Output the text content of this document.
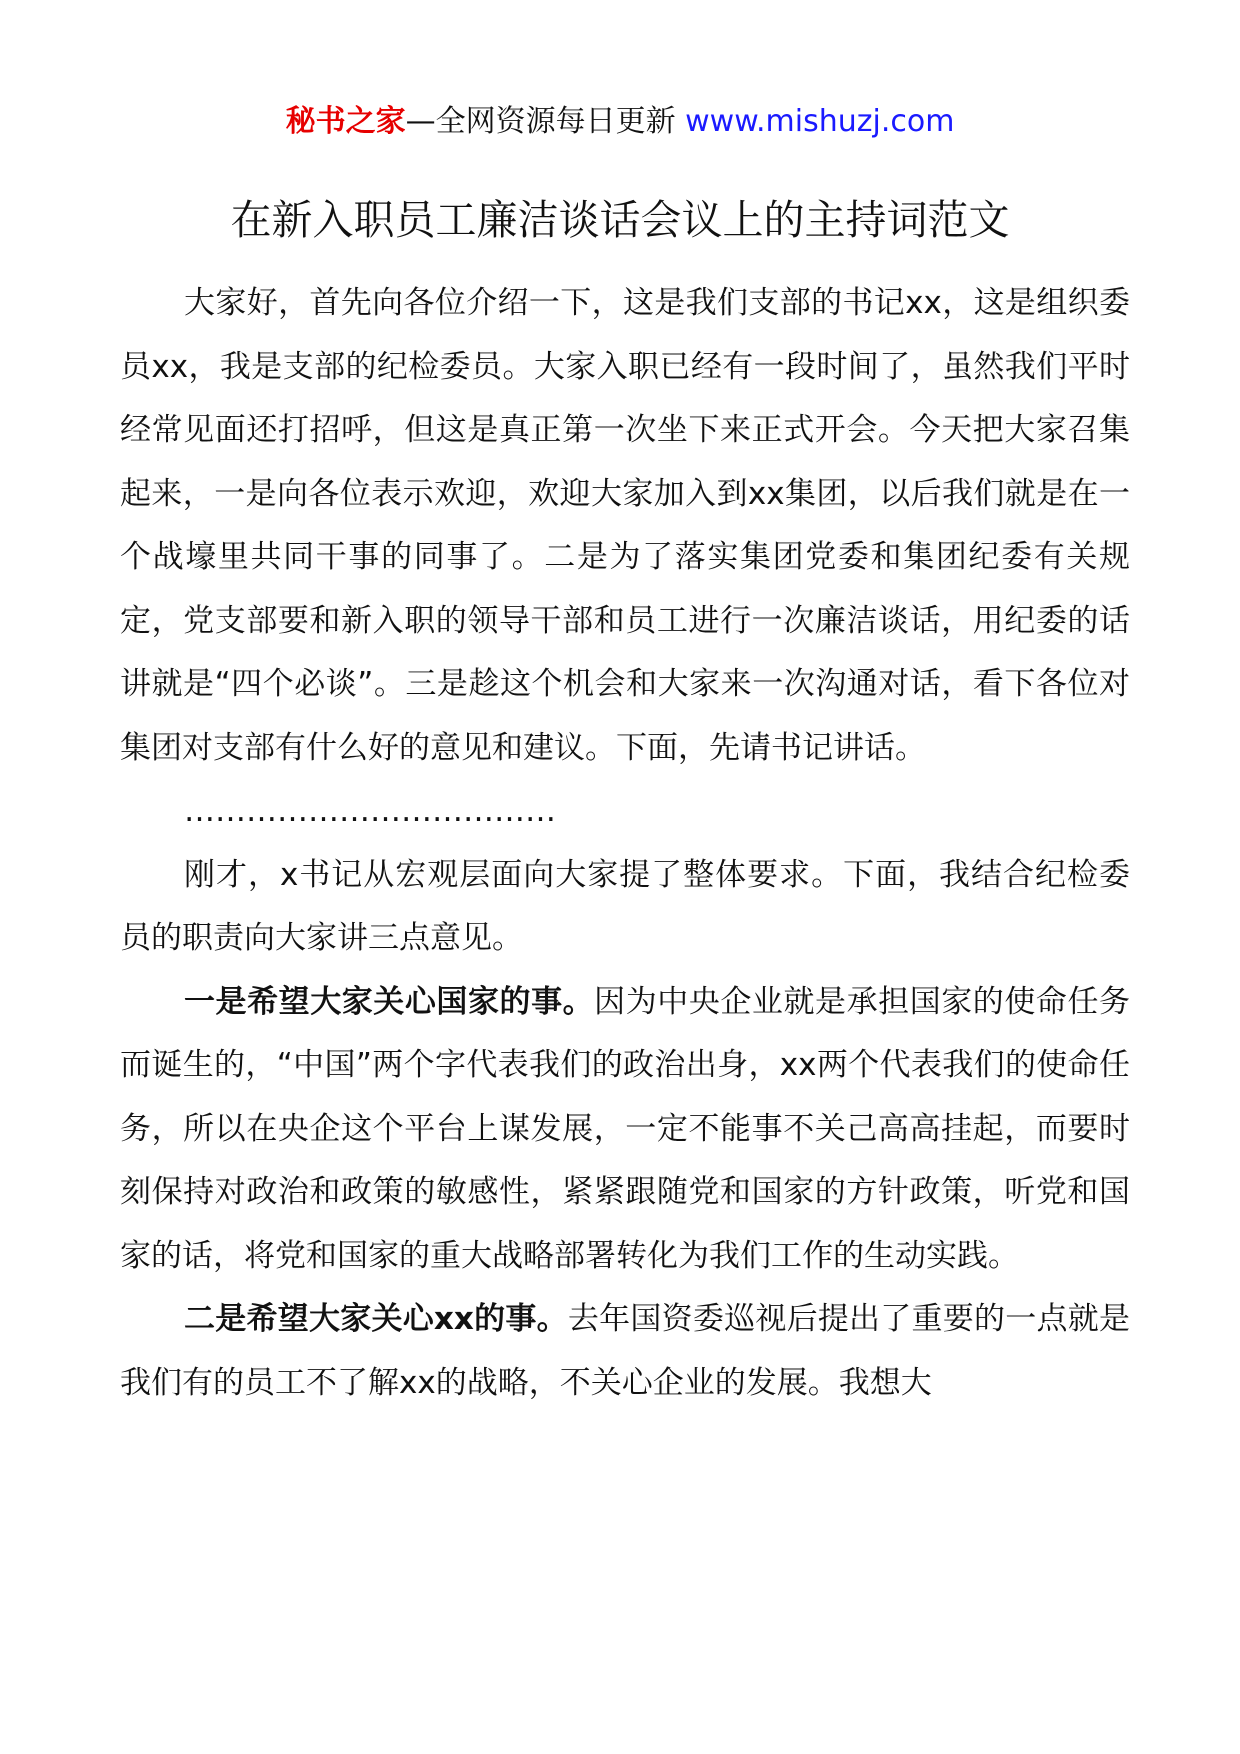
秘书之家—全网资源每日更新 www.mishuzj.com
在新入职员工廉洁谈话会议上的主持词范文

大家好，首先向各位介绍一下，这是我们支部的书记xx，这是组织委员xx，我是支部的纪检委员。大家入职已经有一段时间了，虽然我们平时经常见面还打招呼，但这是真正第一次坐下来正式开会。今天把大家召集起来，一是向各位表示欢迎，欢迎大家加入到xx集团，以后我们就是在一个战壕里共同干事的同事了。二是为了落实集团党委和集团纪委有关规定，党支部要和新入职的领导干部和员工进行一次廉洁谈话，用纪委的话讲就是“四个必谈”。三是趁这个机会和大家来一次沟通对话，看下各位对集团对支部有什么好的意见和建议。下面，先请书记讲话。

………………………………

刚才，x书记从宏观层面向大家提了整体要求。下面，我结合纪检委员的职责向大家讲三点意见。

一是希望大家关心国家的事。因为中央企业就是承担国家的使命任务而诞生的，“中国”两个字代表我们的政治出身，xx两个代表我们的使命任务，所以在央企这个平台上谋发展，一定不能事不关己高高挂起，而要时刻保持对政治和政策的敏感性，紧紧跟随党和国家的方针政策，听党和国家的话，将党和国家的重大战略部署转化为我们工作的生动实践。

二是希望大家关心xx的事。去年国资委巡视后提出了重要的一点就是我们有的员工不了解xx的战略，不关心企业的发展。我想大
